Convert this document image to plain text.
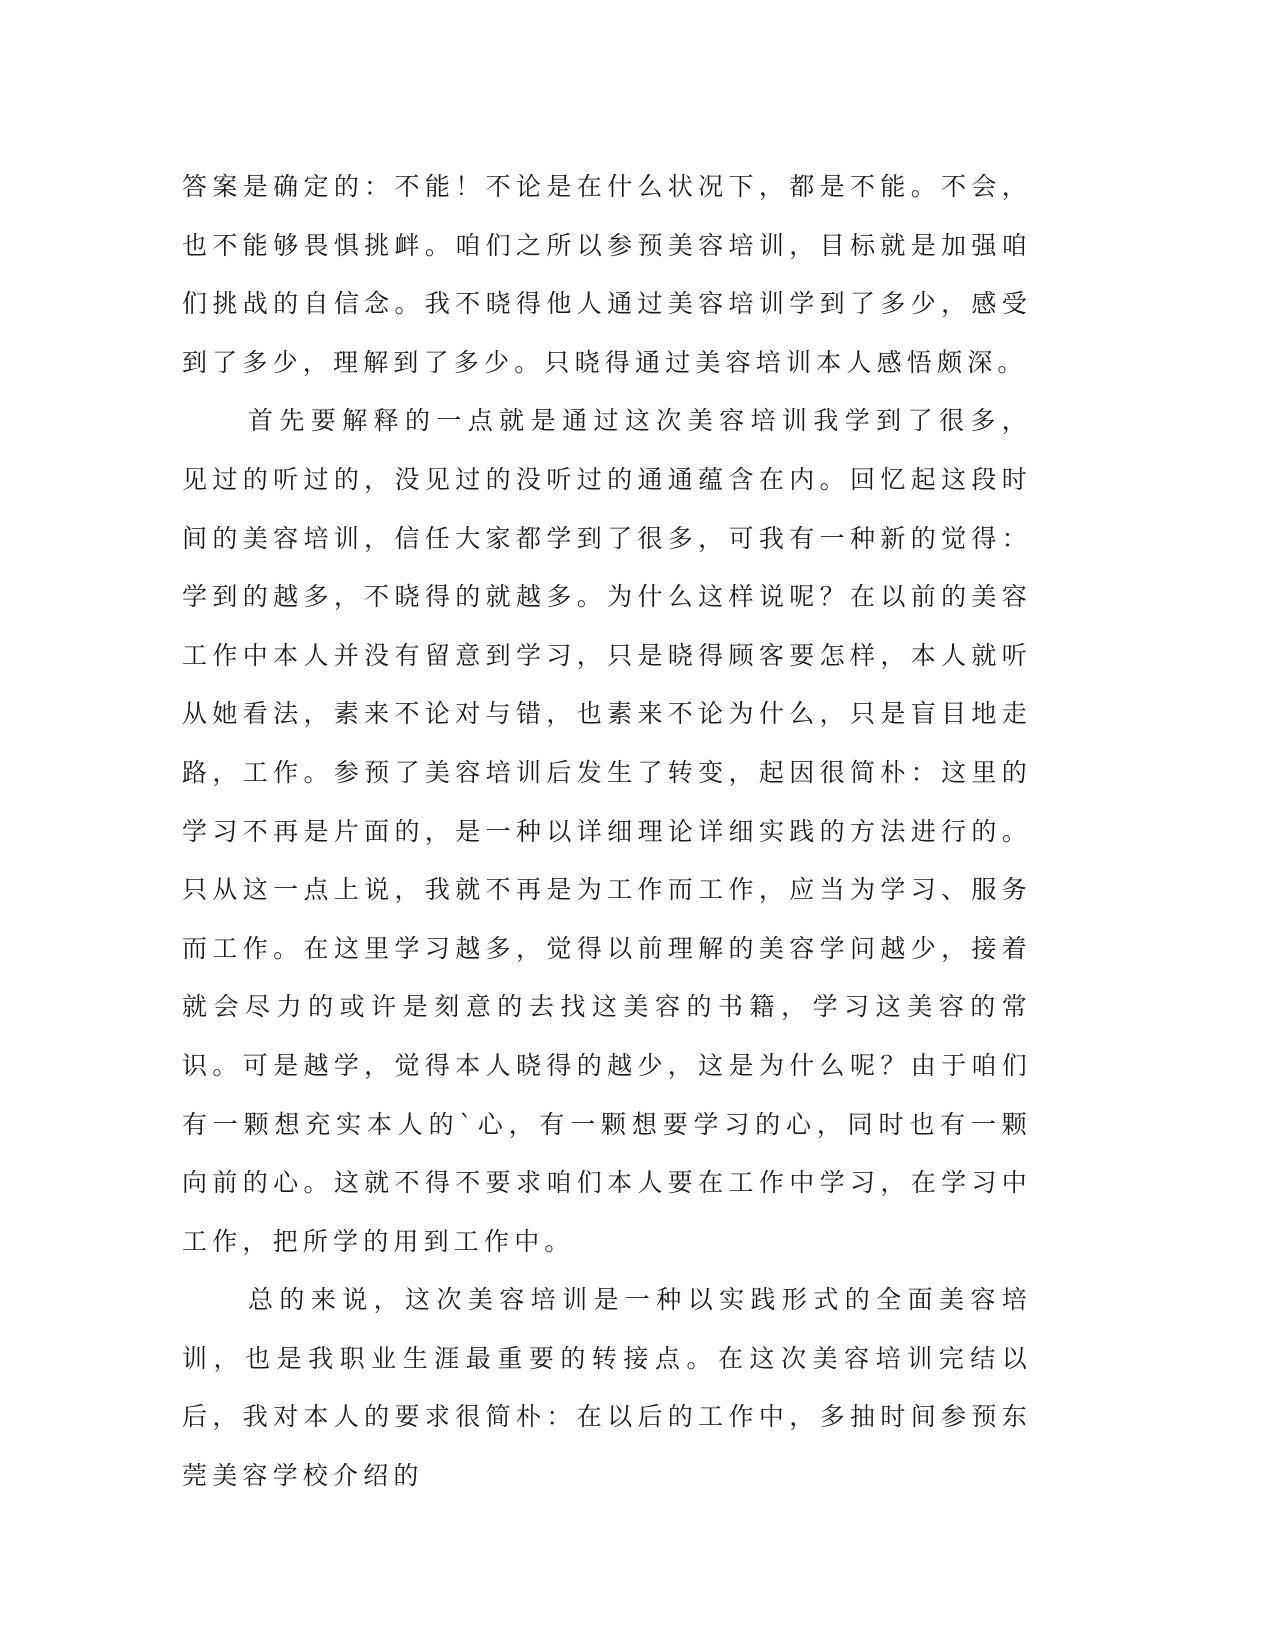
答案是确定的：不能！不论是在什么状况下，都是不能。不会，也不能够畏惧挑衅。咱们之所以参预美容培训，目标就是加强咱们挑战的自信念。我不晓得他人通过美容培训学到了多少，感受到了多少，理解到了多少。只晓得通过美容培训本人感悟颇深。

首先要解释的一点就是通过这次美容培训我学到了很多，见过的听过的，没见过的没听过的通通蕴含在内。回忆起这段时间的美容培训，信任大家都学到了很多，可我有一种新的觉得：学到的越多，不晓得的就越多。为什么这样说呢？在以前的美容工作中本人并没有留意到学习，只是晓得顾客要怎样，本人就听从她看法，素来不论对与错，也素来不论为什么，只是盲目地走路，工作。参预了美容培训后发生了转变，起因很简朴：这里的学习不再是片面的，是一种以详细理论详细实践的方法进行的。只从这一点上说，我就不再是为工作而工作，应当为学习、服务而工作。在这里学习越多，觉得以前理解的美容学问越少，接着就会尽力的或许是刻意的去找这美容的书籍，学习这美容的常识。可是越学，觉得本人晓得的越少，这是为什么呢？由于咱们有一颗想充实本人的`心，有一颗想要学习的心，同时也有一颗向前的心。这就不得不要求咱们本人要在工作中学习，在学习中工作，把所学的用到工作中。

总的来说，这次美容培训是一种以实践形式的全面美容培训，也是我职业生涯最重要的转接点。在这次美容培训完结以后，我对本人的要求很简朴：在以后的工作中，多抽时间参预东莞美容学校介绍的
